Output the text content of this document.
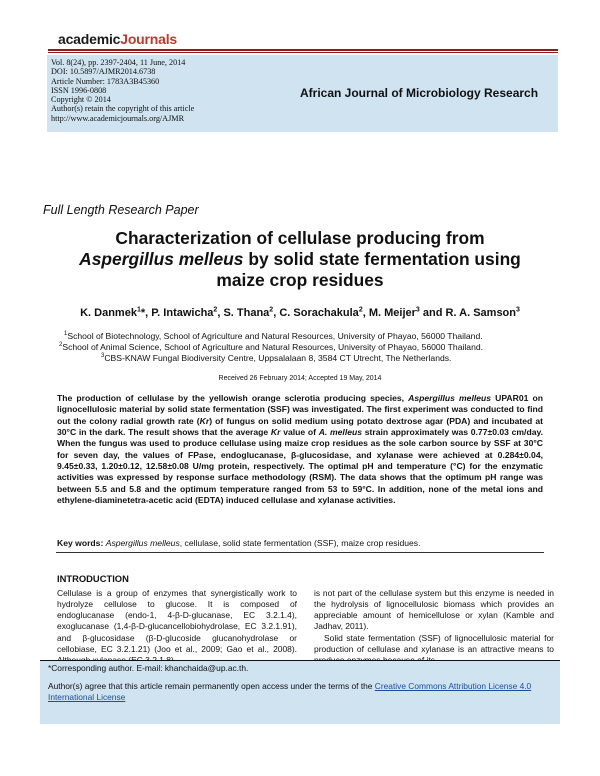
academicJournals
Vol. 8(24), pp. 2397-2404, 11 June, 2014
DOI: 10.5897/AJMR2014.6738
Article Number: 1783A3B45360
ISSN 1996-0808
Copyright © 2014
Author(s) retain the copyright of this article
http://www.academicjournals.org/AJMR
African Journal of Microbiology Research
Full Length Research Paper
Characterization of cellulase producing from
Aspergillus melleus by solid state fermentation using
maize crop residues
K. Danmek$^1$*, P. Intawicha$^2$, S. Thana$^2$, C. Sorachakula$^2$, M. Meijer$^3$ and R. A. Samson$^3$
$^1$School of Biotechnology, School of Agriculture and Natural Resources, University of Phayao, 56000 Thailand.
$^2$School of Animal Science, School of Agriculture and Natural Resources, University of Phayao, 56000 Thailand.
$^3$CBS-KNAW Fungal Biodiversity Centre, Uppsalalaan 8, 3584 CT Utrecht, The Netherlands.
Received 26 February 2014; Accepted 19 May, 2014
The production of cellulase by the yellowish orange sclerotia producing species, Aspergillus melleus UPAR01 on lignocellulosic material by solid state fermentation (SSF) was investigated. The first experiment was conducted to find out the colony radial growth rate (Kr) of fungus on solid medium using potato dextrose agar (PDA) and incubated at 30°C in the dark. The result shows that the average Kr value of A. melleus strain approximately was 0.77±0.03 cm/day. When the fungus was used to produce cellulase using maize crop residues as the sole carbon source by SSF at 30°C for seven day, the values of FPase, endoglucanase, β-glucosidase, and xylanase were achieved at 0.284±0.04, 9.45±0.33, 1.20±0.12, 12.58±0.08 U/mg protein, respectively. The optimal pH and temperature (°C) for the enzymatic activities was expressed by response surface methodology (RSM). The data shows that the optimum pH range was between 5.5 and 5.8 and the optimum temperature ranged from 53 to 59°C. In addition, none of the metal ions and ethylene-diaminetetra-acetic acid (EDTA) induced cellulase and xylanase activities.
Key words: Aspergillus melleus, cellulase, solid state fermentation (SSF), maize crop residues.
INTRODUCTION
Cellulase is a group of enzymes that synergistically work to hydrolyze cellulose to glucose. It is composed of endoglucanase (endo-1, 4-β-D-glucanase, EC 3.2.1.4), exoglucanase (1,4-β-D-glucancellobiohydrolase, EC 3.2.1.91), and β-glucosidase (β-D-glucoside glucanohydrolase or cellobiase, EC 3.2.1.21) (Joo et al., 2009; Gao et al., 2008).
is not part of the cellulase system but this enzyme is needed in the hydrolysis of lignocellulosic biomass which provides an appreciable amount of hemicellulose or xylan (Kamble and Jadhav, 2011).
Solid state fermentation (SSF) of lignocellulosic material for production of cellulase and xylanase is an attractive means to
*Corresponding author. E-mail: khanchaida@up.ac.th.
Author(s) agree that this article remain permanently open access under the terms of the Creative Commons Attribution License 4.0 International License
